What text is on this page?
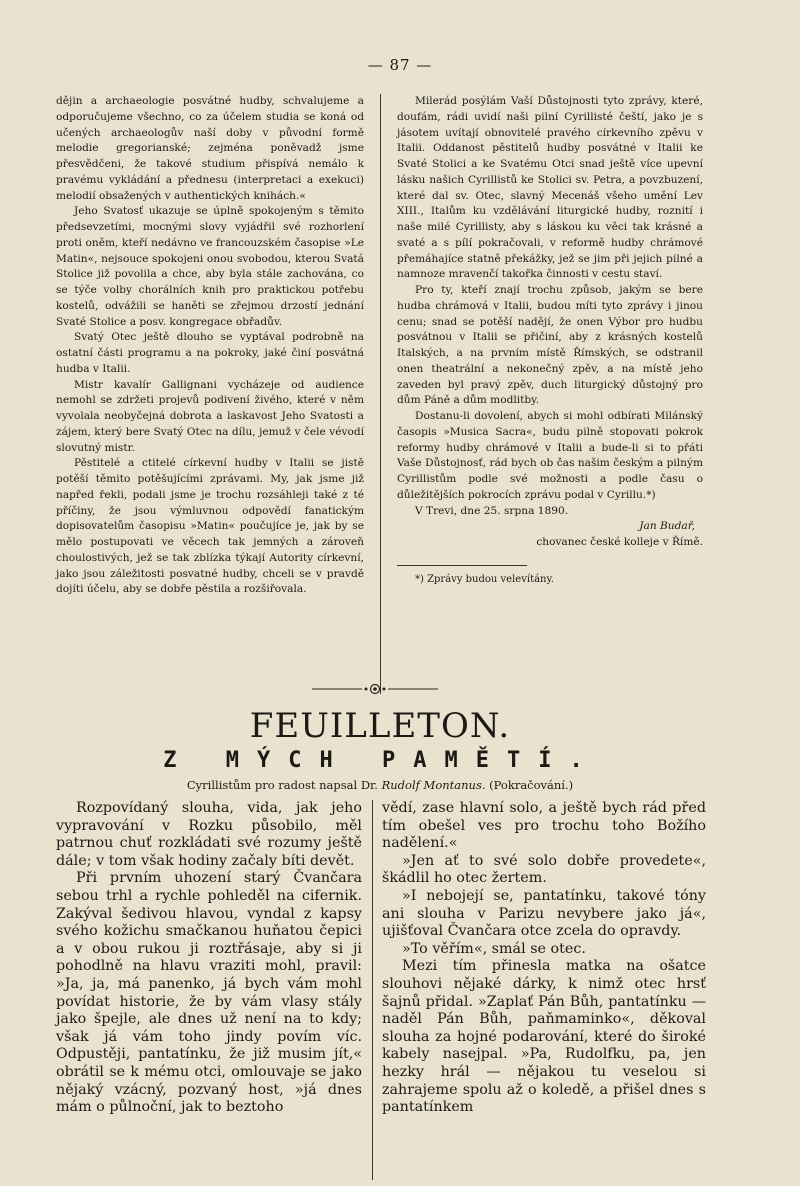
— 87 —

dějin a archaeologie posvátné hudby, schvalujeme a odporučujeme všechno, co za účelem studia se koná od učených archaeologův naší doby v původní formě melodie gregorianské; zejména poněvadž jsme přesvědčeni, že takové studium přispívá nemálo k pravému vykládání a přednesu (interpretaci a exekuci) melodií obsažených v authentických knihách.«

Jeho Svatosť ukazuje se úplně spokojeným s těmito předsevzetími, mocnými slovy vyjádřil své rozhorlení proti oněm, kteří nedávno ve francouzském časopise »Le Matin«, nejsouce spokojeni onou svobodou, kterou Svatá Stolice již povolila a chce, aby byla stále zachována, co se týče volby chorálních knih pro praktickou potřebu kostelů, odvážili se haněti se zřejmou drzostí jednání Svaté Stolice a posv. kongregace obřadův.

Svatý Otec ještě dlouho se vyptával podrobně na ostatní části programu a na pokroky, jaké činí posvátná hudba v Italii.

Mistr kavalír Gallignani vycházeje od audience nemohl se zdržeti projevů podivení živého, které v něm vyvolala neobyčejná dobrota a laskavost Jeho Svatosti a zájem, který bere Svatý Otec na dílu, jemuž v čele vévodí slovutný mistr.

Pěstitelé a ctitelé církevní hudby v Italii se jistě potěší těmito potěšujícími zprávami. My, jak jsme již napřed řekli, podali jsme je trochu rozsáhleji také z té příčiny, že jsou výmluvnou odpovědí fanatickým dopisovatelům časopisu »Matin« poučujíce je, jak by se mělo postupovati ve věcech tak jemných a zároveň choulostivých, jež se tak zblízka týkají Autority církevní, jako jsou záležitosti posvatné hudby, chceli se v pravdě dojíti účelu, aby se dobře pěstila a rozšiřovala.

Milerád posýlám Vaší Důstojnosti tyto zprávy, které, doufám, rádi uvidí naši pilní Cyrillisté čeští, jako je s jásotem uvítají obnovitelé pravého církevního zpěvu v Italii. Oddanost pěstitelů hudby posvátné v Italii ke Svaté Stolici a ke Svatému Otci snad ještě více upevní lásku našich Cyrillistů ke Stolici sv. Petra, a povzbuzení, které dal sv. Otec, slavný Mecenáš všeho umění Lev XIII., Italům ku vzdělávání liturgické hudby, roznití i naše milé Cyrillisty, aby s láskou ku věci tak krásné a svaté a s pílí pokračovali, v reformě hudby chrámové přemáhajíce statně překážky, jež se jim při jejich pilné a namnoze mravenčí takořka činnosti v cestu staví.

Pro ty, kteří znají trochu způsob, jakým se bere hudba chrámová v Italii, budou míti tyto zprávy i jinou cenu; snad se potěší nadějí, že onen Výbor pro hudbu posvátnou v Italii se přičiní, aby z krásných kostelů Italských, a na prvním místě Římských, se odstranil onen theatrální a nekonečný zpěv, a na místě jeho zaveden byl pravý zpěv, duch liturgický důstojný pro dům Páně a dům modlitby.

Dostanu-li dovolení, abych si mohl odbírati Milánský časopis »Musica Sacra«, budu pilně stopovati pokrok reformy hudby chrámové v Italii a bude-li si to přáti Vaše Důstojnosť, rád bych ob čas našim českým a pilným Cyrillistům podle své možnosti a podle času o důležitějších pokrocích zprávu podal v Cyrillu.*)

V Trevi, dne 25. srpna 1890.

Jan Budař,

chovanec české kolleje v Římě.

*) Zprávy budou velevítány.

FEUILLETON.
Z MÝCH PAMĚTÍ.
Cyrillistům pro radost napsal Dr. Rudolf Montanus. (Pokračování.)

Rozpovídaný slouha, vida, jak jeho vypravování v Rozku působilo, měl patrnou chuť rozkládati své rozumy ještě dále; v tom však hodiny začaly bíti devět.

Při prvním uhození starý Čvančara sebou trhl a rychle pohleděl na cifernik. Zakýval šedivou hlavou, vyndal z kapsy svého kožichu smačkanou huňatou čepici a v obou rukou ji roztřásaje, aby si ji pohodlně na hlavu vraziti mohl, pravil: »Ja, ja, má panenko, já bych vám mohl povídat historie, že by vám vlasy stály jako špejle, ale dnes už není na to kdy; však já vám toho jindy povím víc. Odpustěji, pantatínku, že již musim jít,« obrátil se k mému otci, omlouvaje se jako nějaký vzácný, pozvaný host, »já dnes mám o půlnoční, jak to beztoho

vědí, zase hlavní solo, a ještě bych rád před tím obešel ves pro trochu toho Božího nadělení.«

»Jen ať to své solo dobře provedete«, škádlil ho otec žertem.

»I nebojejí se, pantatínku, takové tóny ani slouha v Parizu nevybere jako já«, ujišťoval Čvančara otce zcela do opravdy.

»To věřím«, smál se otec.

Mezi tím přinesla matka na ošatce slouhovi nějaké dárky, k nimž otec hrsť šajnů přidal. »Zaplať Pán Bůh, pantatínku — naděl Pán Bůh, paňmaminko«, děkoval slouha za hojné podarování, které do široké kabely nasejpal. »Pa, Rudolfku, pa, jen hezky hrál — nějakou tu veselou si zahrajeme spolu až o koledě, a přišel dnes s pantatínkem
